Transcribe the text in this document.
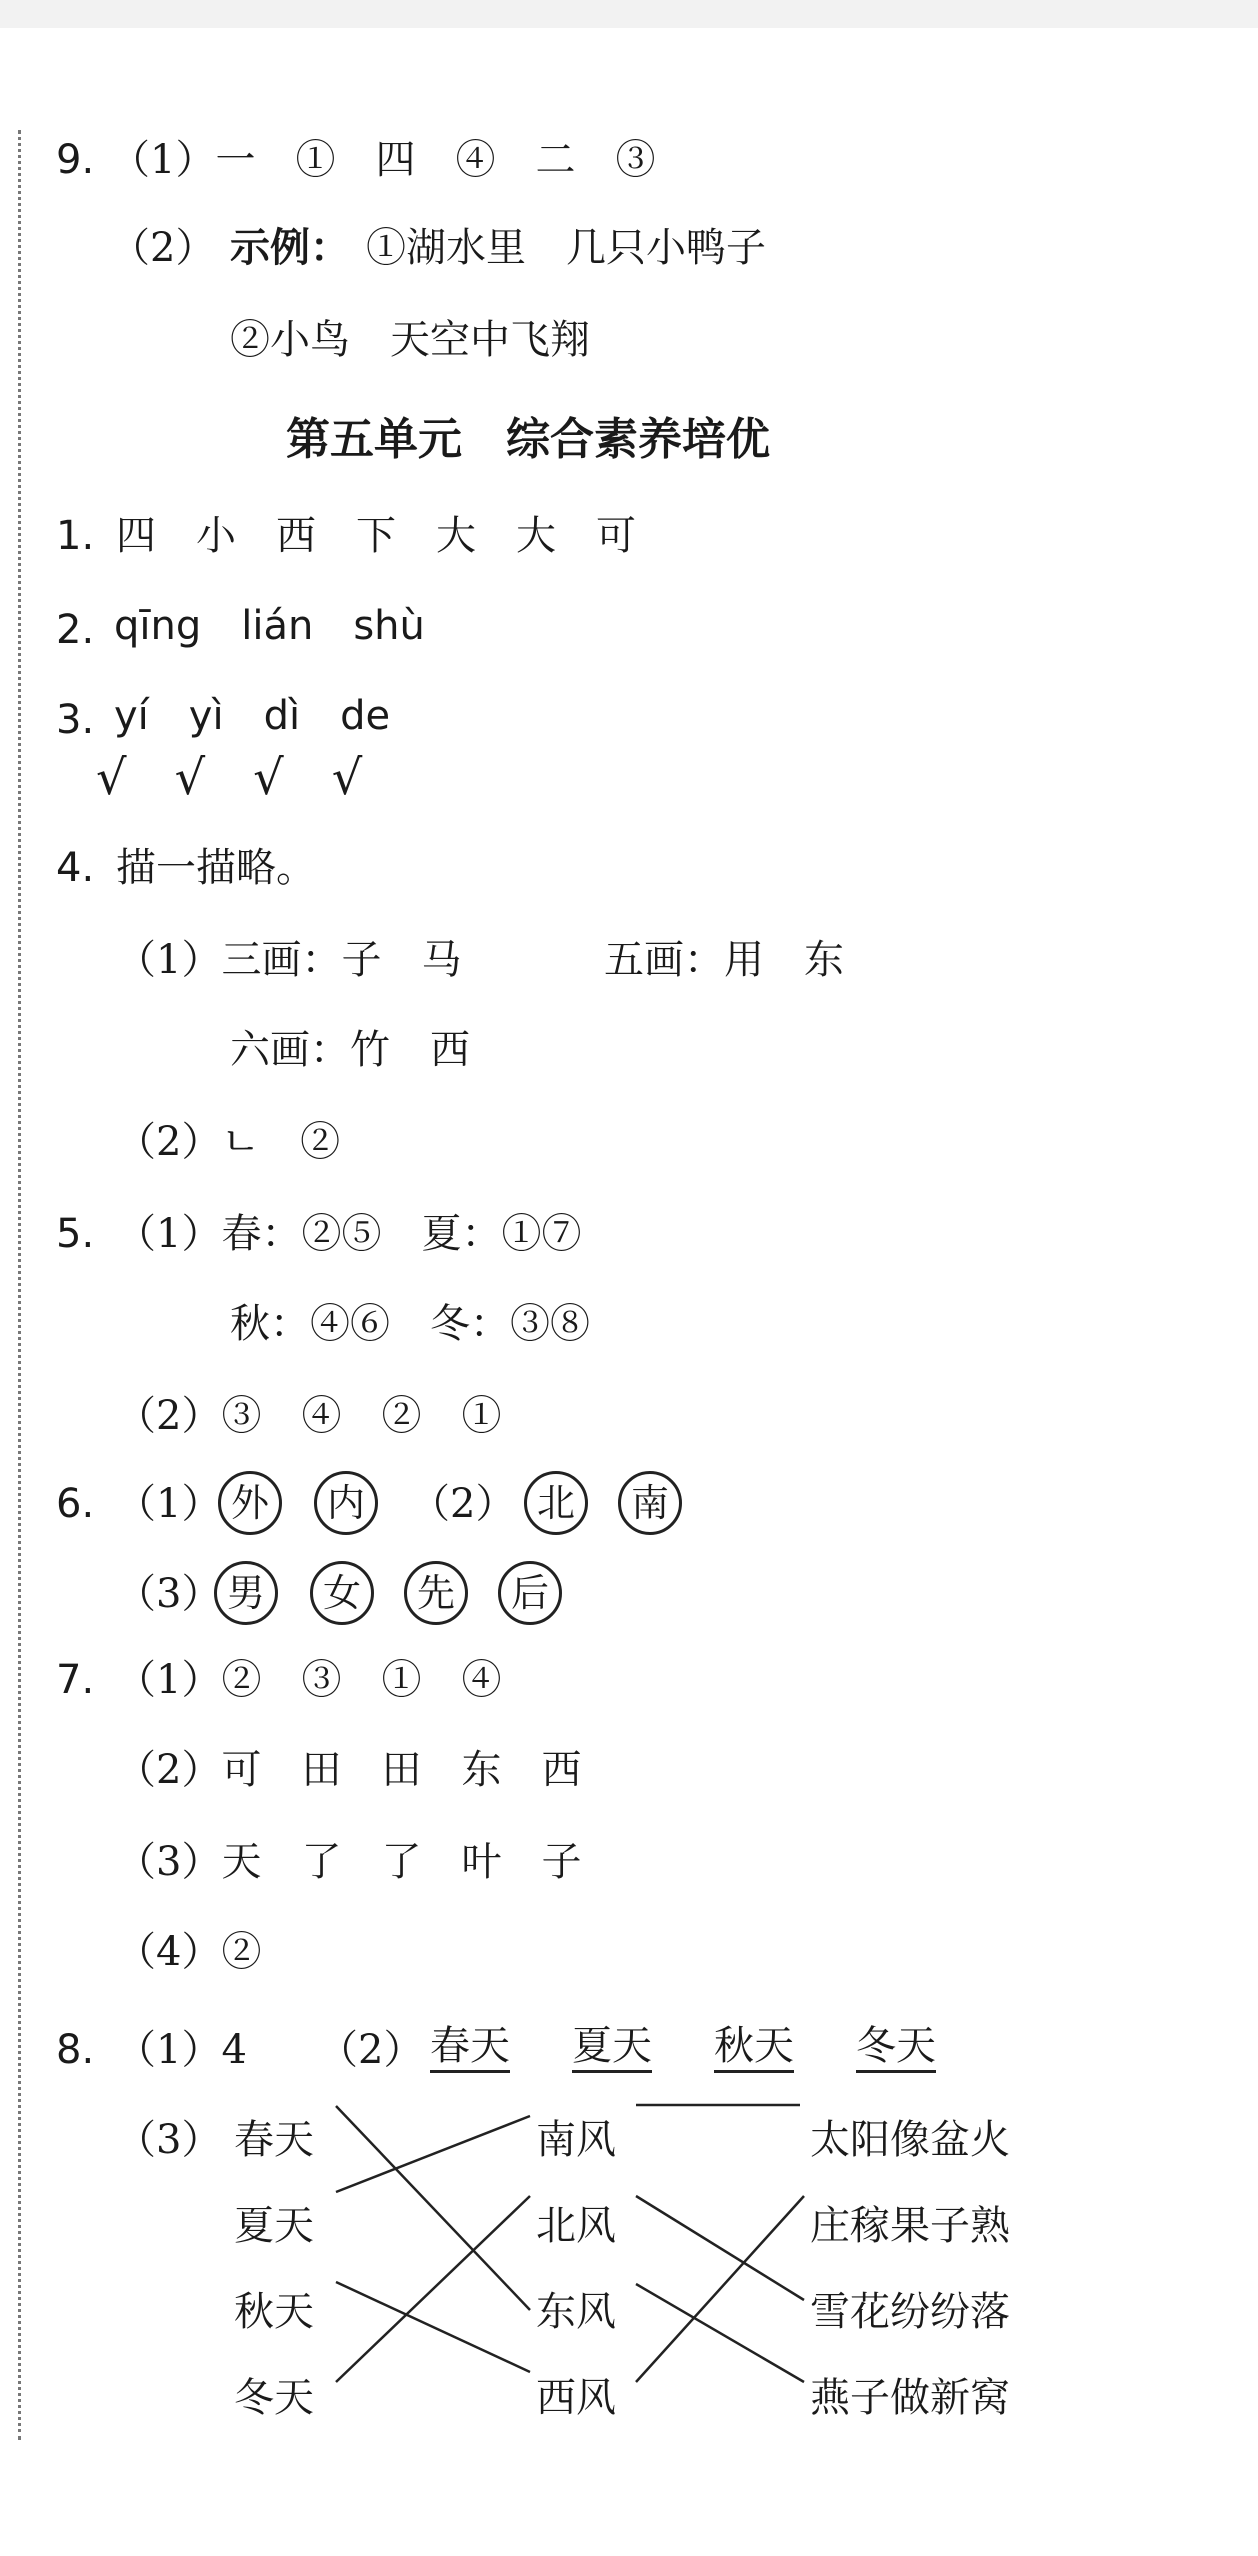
9. （1）一　①　四　④　二　③
（2） 示例： ①湖水里　几只小鸭子
②小鸟　天空中飞翔
第五单元　综合素养培优
1. 四　小　西　下　大　大　可
2. qīng　lián　shù
3. yí　yì　dì　de
√　√　√　√
4. 描一描略。
（1）三画：子　马	五画：用　东
六画：竹　西
（2）ㄴ　②
5. （1）春：②⑤　夏：①⑦
秋：④⑥　冬：③⑧
（2）③　④　②　①
6. （1） 外	内	（2） 北	南
（3） 男	女	先	后
7. （1）②　③　①　④
（2）可　田　田　东　西
（3）天　了　了　叶　子
（4）②
8. （1）4 （2） 春天 夏天 秋天 冬天
（3） 春天
夏天
秋天
冬天
南风
北风
东风
西风
太阳像盆火
庄稼果子熟
雪花纷纷落
燕子做新窝
